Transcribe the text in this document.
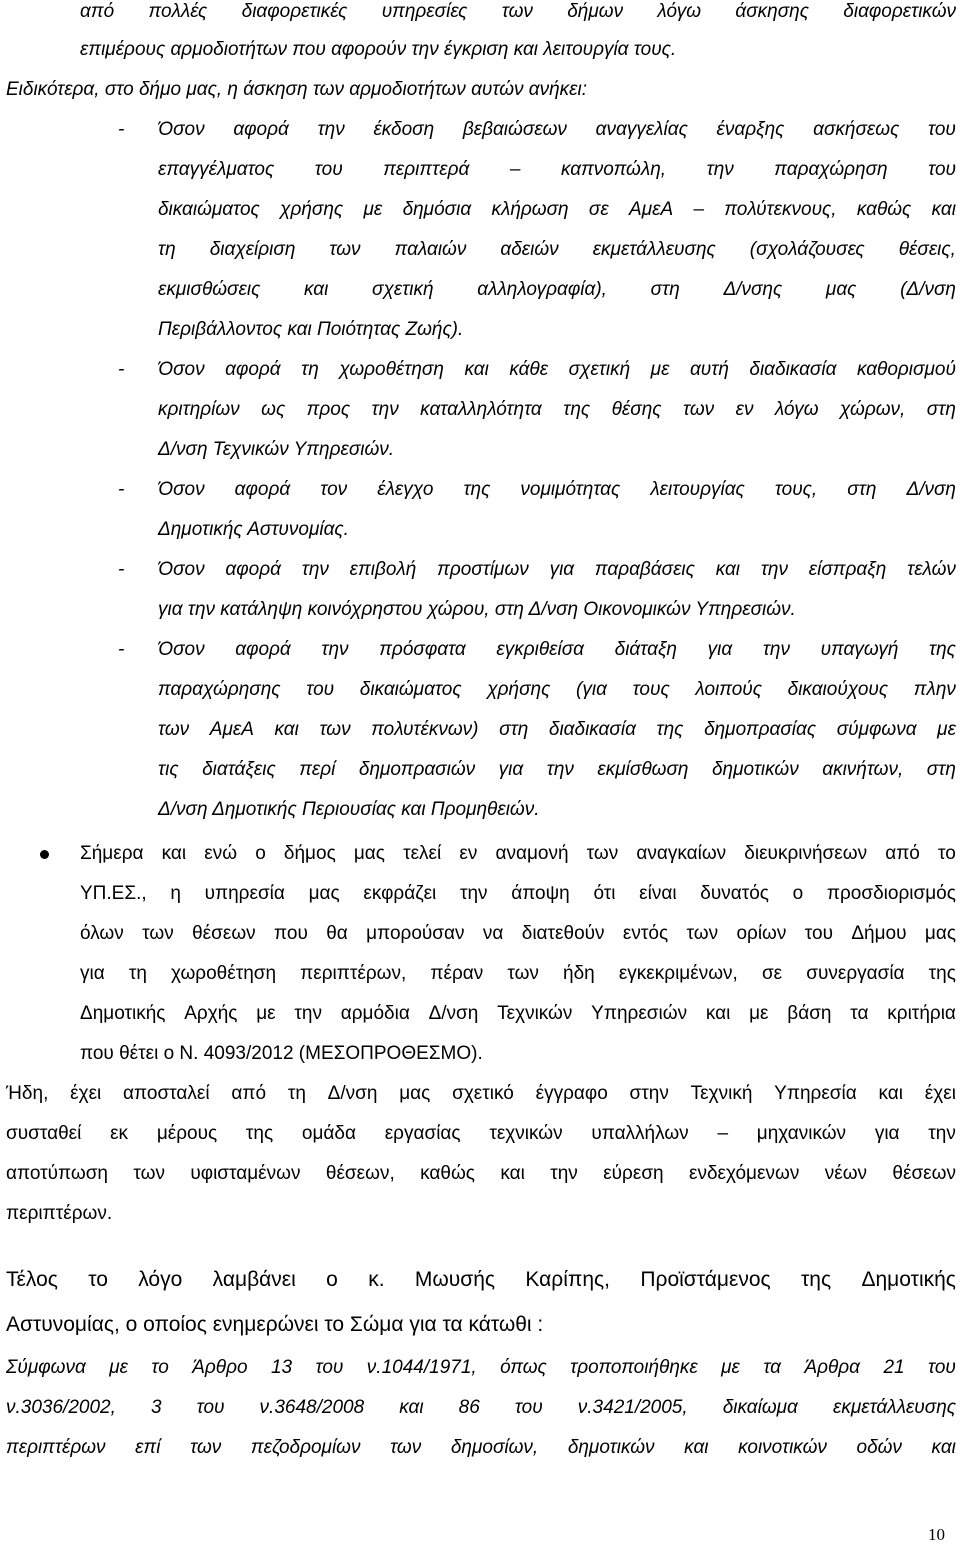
από πολλές διαφορετικές υπηρεσίες των δήμων λόγω άσκησης διαφορετικών
επιμέρους αρμοδιοτήτων που αφορούν την έγκριση και λειτουργία τους.
Ειδικότερα, στο δήμο μας, η άσκηση των αρμοδιοτήτων αυτών ανήκει:
- Όσον αφορά την έκδοση βεβαιώσεων αναγγελίας έναρξης ασκήσεως του
επαγγέλματος του περιπτερά – καπνοπώλη, την παραχώρηση του
δικαιώματος χρήσης με δημόσια κλήρωση σε ΑμεΑ – πολύτεκνους, καθώς και
τη διαχείριση των παλαιών αδειών εκμετάλλευσης (σχολάζουσες θέσεις,
εκμισθώσεις και σχετική αλληλογραφία), στη Δ/νσης μας (Δ/νση
Περιβάλλοντος και Ποιότητας Ζωής).
- Όσον αφορά τη χωροθέτηση και κάθε σχετική με αυτή διαδικασία καθορισμού
κριτηρίων ως προς την καταλληλότητα της θέσης των εν λόγω χώρων, στη
Δ/νση Τεχνικών Υπηρεσιών.
- Όσον αφορά τον έλεγχο της νομιμότητας λειτουργίας τους, στη Δ/νση
Δημοτικής Αστυνομίας.
- Όσον αφορά την επιβολή προστίμων για παραβάσεις και την είσπραξη τελών
για την κατάληψη κοινόχρηστου χώρου, στη Δ/νση Οικονομικών Υπηρεσιών.
- Όσον αφορά την πρόσφατα εγκριθείσα διάταξη για την υπαγωγή της
παραχώρησης του δικαιώματος χρήσης (για τους λοιπούς δικαιούχους πλην
των ΑμεΑ και των πολυτέκνων) στη διαδικασία της δημοπρασίας σύμφωνα με
τις διατάξεις περί δημοπρασιών για την εκμίσθωση δημοτικών ακινήτων, στη
Δ/νση Δημοτικής Περιουσίας και Προμηθειών.
Σήμερα και ενώ ο δήμος μας τελεί εν αναμονή των αναγκαίων διευκρινήσεων από το
ΥΠ.ΕΣ., η υπηρεσία μας εκφράζει την άποψη ότι είναι δυνατός ο προσδιορισμός
όλων των θέσεων που θα μπορούσαν να διατεθούν εντός των ορίων του Δήμου μας
για τη χωροθέτηση περιπτέρων, πέραν των ήδη εγκεκριμένων, σε συνεργασία της
Δημοτικής Αρχής με την αρμόδια Δ/νση Τεχνικών Υπηρεσιών και με βάση τα κριτήρια
που θέτει ο Ν. 4093/2012 (ΜΕΣΟΠΡΟΘΕΣΜΟ).
Ήδη, έχει αποσταλεί από τη Δ/νση μας σχετικό έγγραφο στην Τεχνική Υπηρεσία και έχει
συσταθεί εκ μέρους της ομάδα εργασίας τεχνικών υπαλλήλων – μηχανικών για την
αποτύπωση των υφισταμένων θέσεων, καθώς και την εύρεση ενδεχόμενων νέων θέσεων
περιπτέρων.
Τέλος το λόγο λαμβάνει ο κ. Μωυσής Καρίπης, Προϊστάμενος της Δημοτικής
Αστυνομίας, ο οποίος ενημερώνει το Σώμα για τα κάτωθι :
Σύμφωνα με το Άρθρο 13 του ν.1044/1971, όπως τροποποιήθηκε με τα Άρθρα 21 του
ν.3036/2002, 3 του ν.3648/2008 και 86 του ν.3421/2005, δικαίωμα εκμετάλλευσης
περιπτέρων επί των πεζοδρομίων των δημοσίων, δημοτικών και κοινοτικών οδών και
10
